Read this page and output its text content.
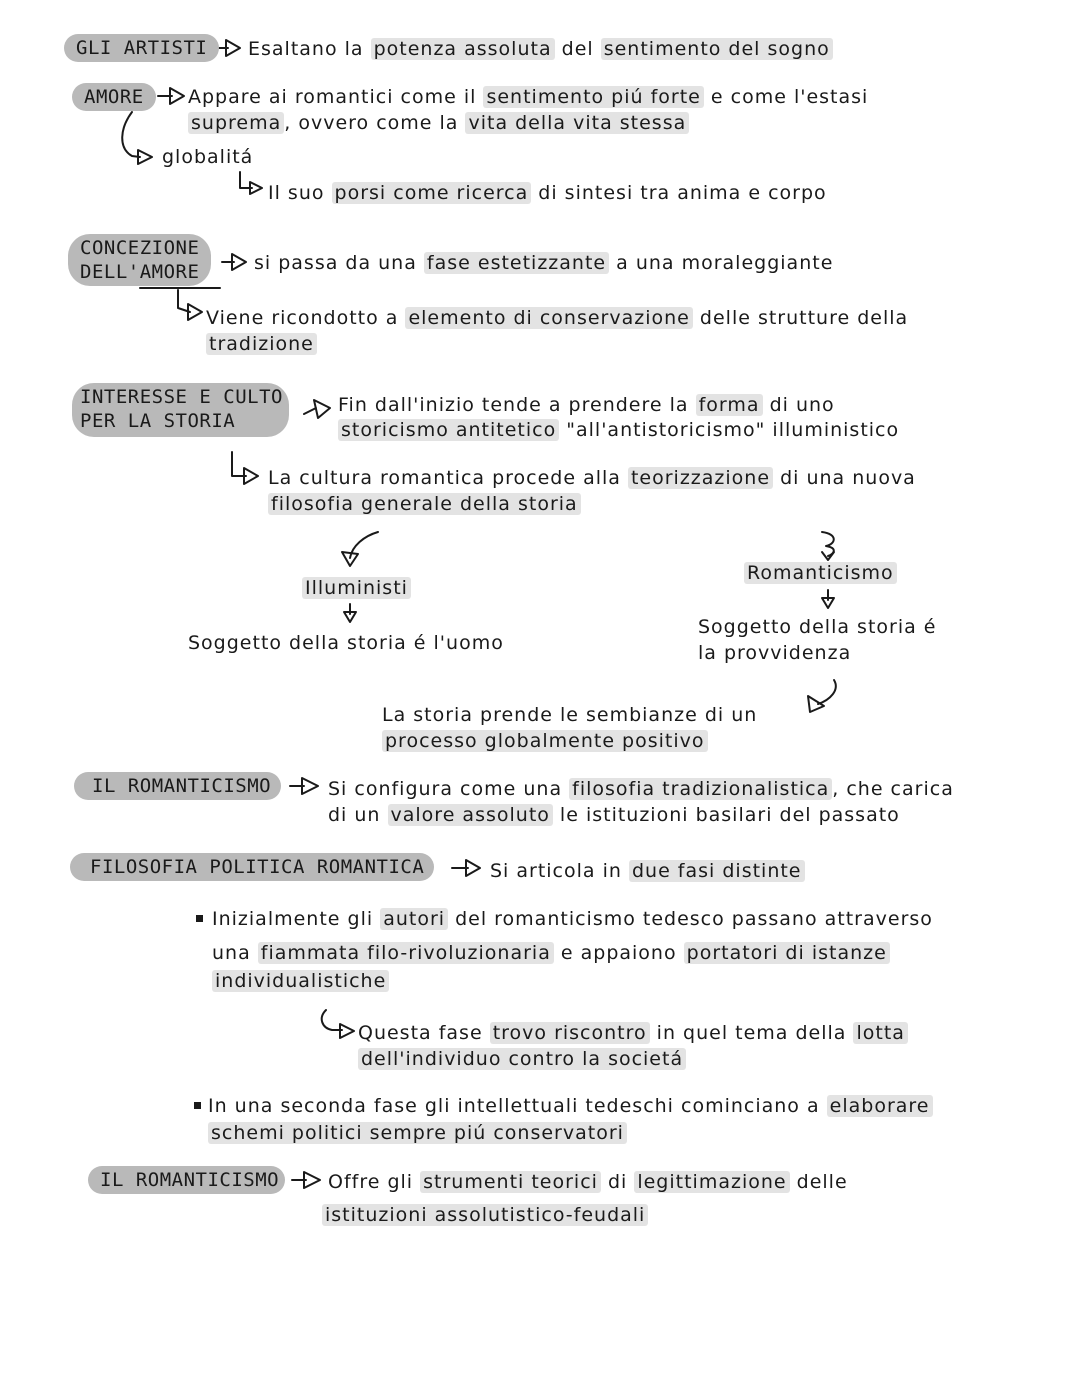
GLI ARTISTI	Esaltano la potenza assoluta del sentimento del sogno
AMORE	Appare ai romantici come il sentimento piú forte e come l'estasi
suprema , ovvero come la vita della vita stessa
globalitá
Il suo porsi come ricerca di sintesi tra anima e corpo
CONCEZIONE
DELL'AMORE	si passa da una fase estetizzante a una moraleggiante
Viene ricondotto a elemento di conservazione delle strutture della
tradizione
INTERESSE E CULTO
PER LA STORIA
Fin dall'inizio tende a prendere la forma di uno
storicismo antitetico "all'antistoricismo" illuministico
La cultura romantica procede alla teorizzazione di una nuova
filosofia generale della storia
Illuministi
Soggetto della storia é l'uomo
Romanticismo
Soggetto della storia é
la provvidenza
La storia prende le sembianze di un
processo globalmente positivo
IL ROMANTICISMO	Si configura come una filosofia tradizionalistica , che carica
di un valore assoluto le istituzioni basilari del passato
FILOSOFIA POLITICA ROMANTICA	Si articola in due fasi distinte
Inizialmente gli autori del romanticismo tedesco passano attraverso
una fiammata filo-rivoluzionaria e appaiono portatori di istanze
individualistiche
Questa fase trovo riscontro in quel tema della lotta
dell'individuo contro la societá
In una seconda fase gli intellettuali tedeschi cominciano a elaborare
schemi politici sempre piú conservatori
IL ROMANTICISMO	Offre gli strumenti teorici di legittimazione delle
istituzioni assolutistico-feudali
